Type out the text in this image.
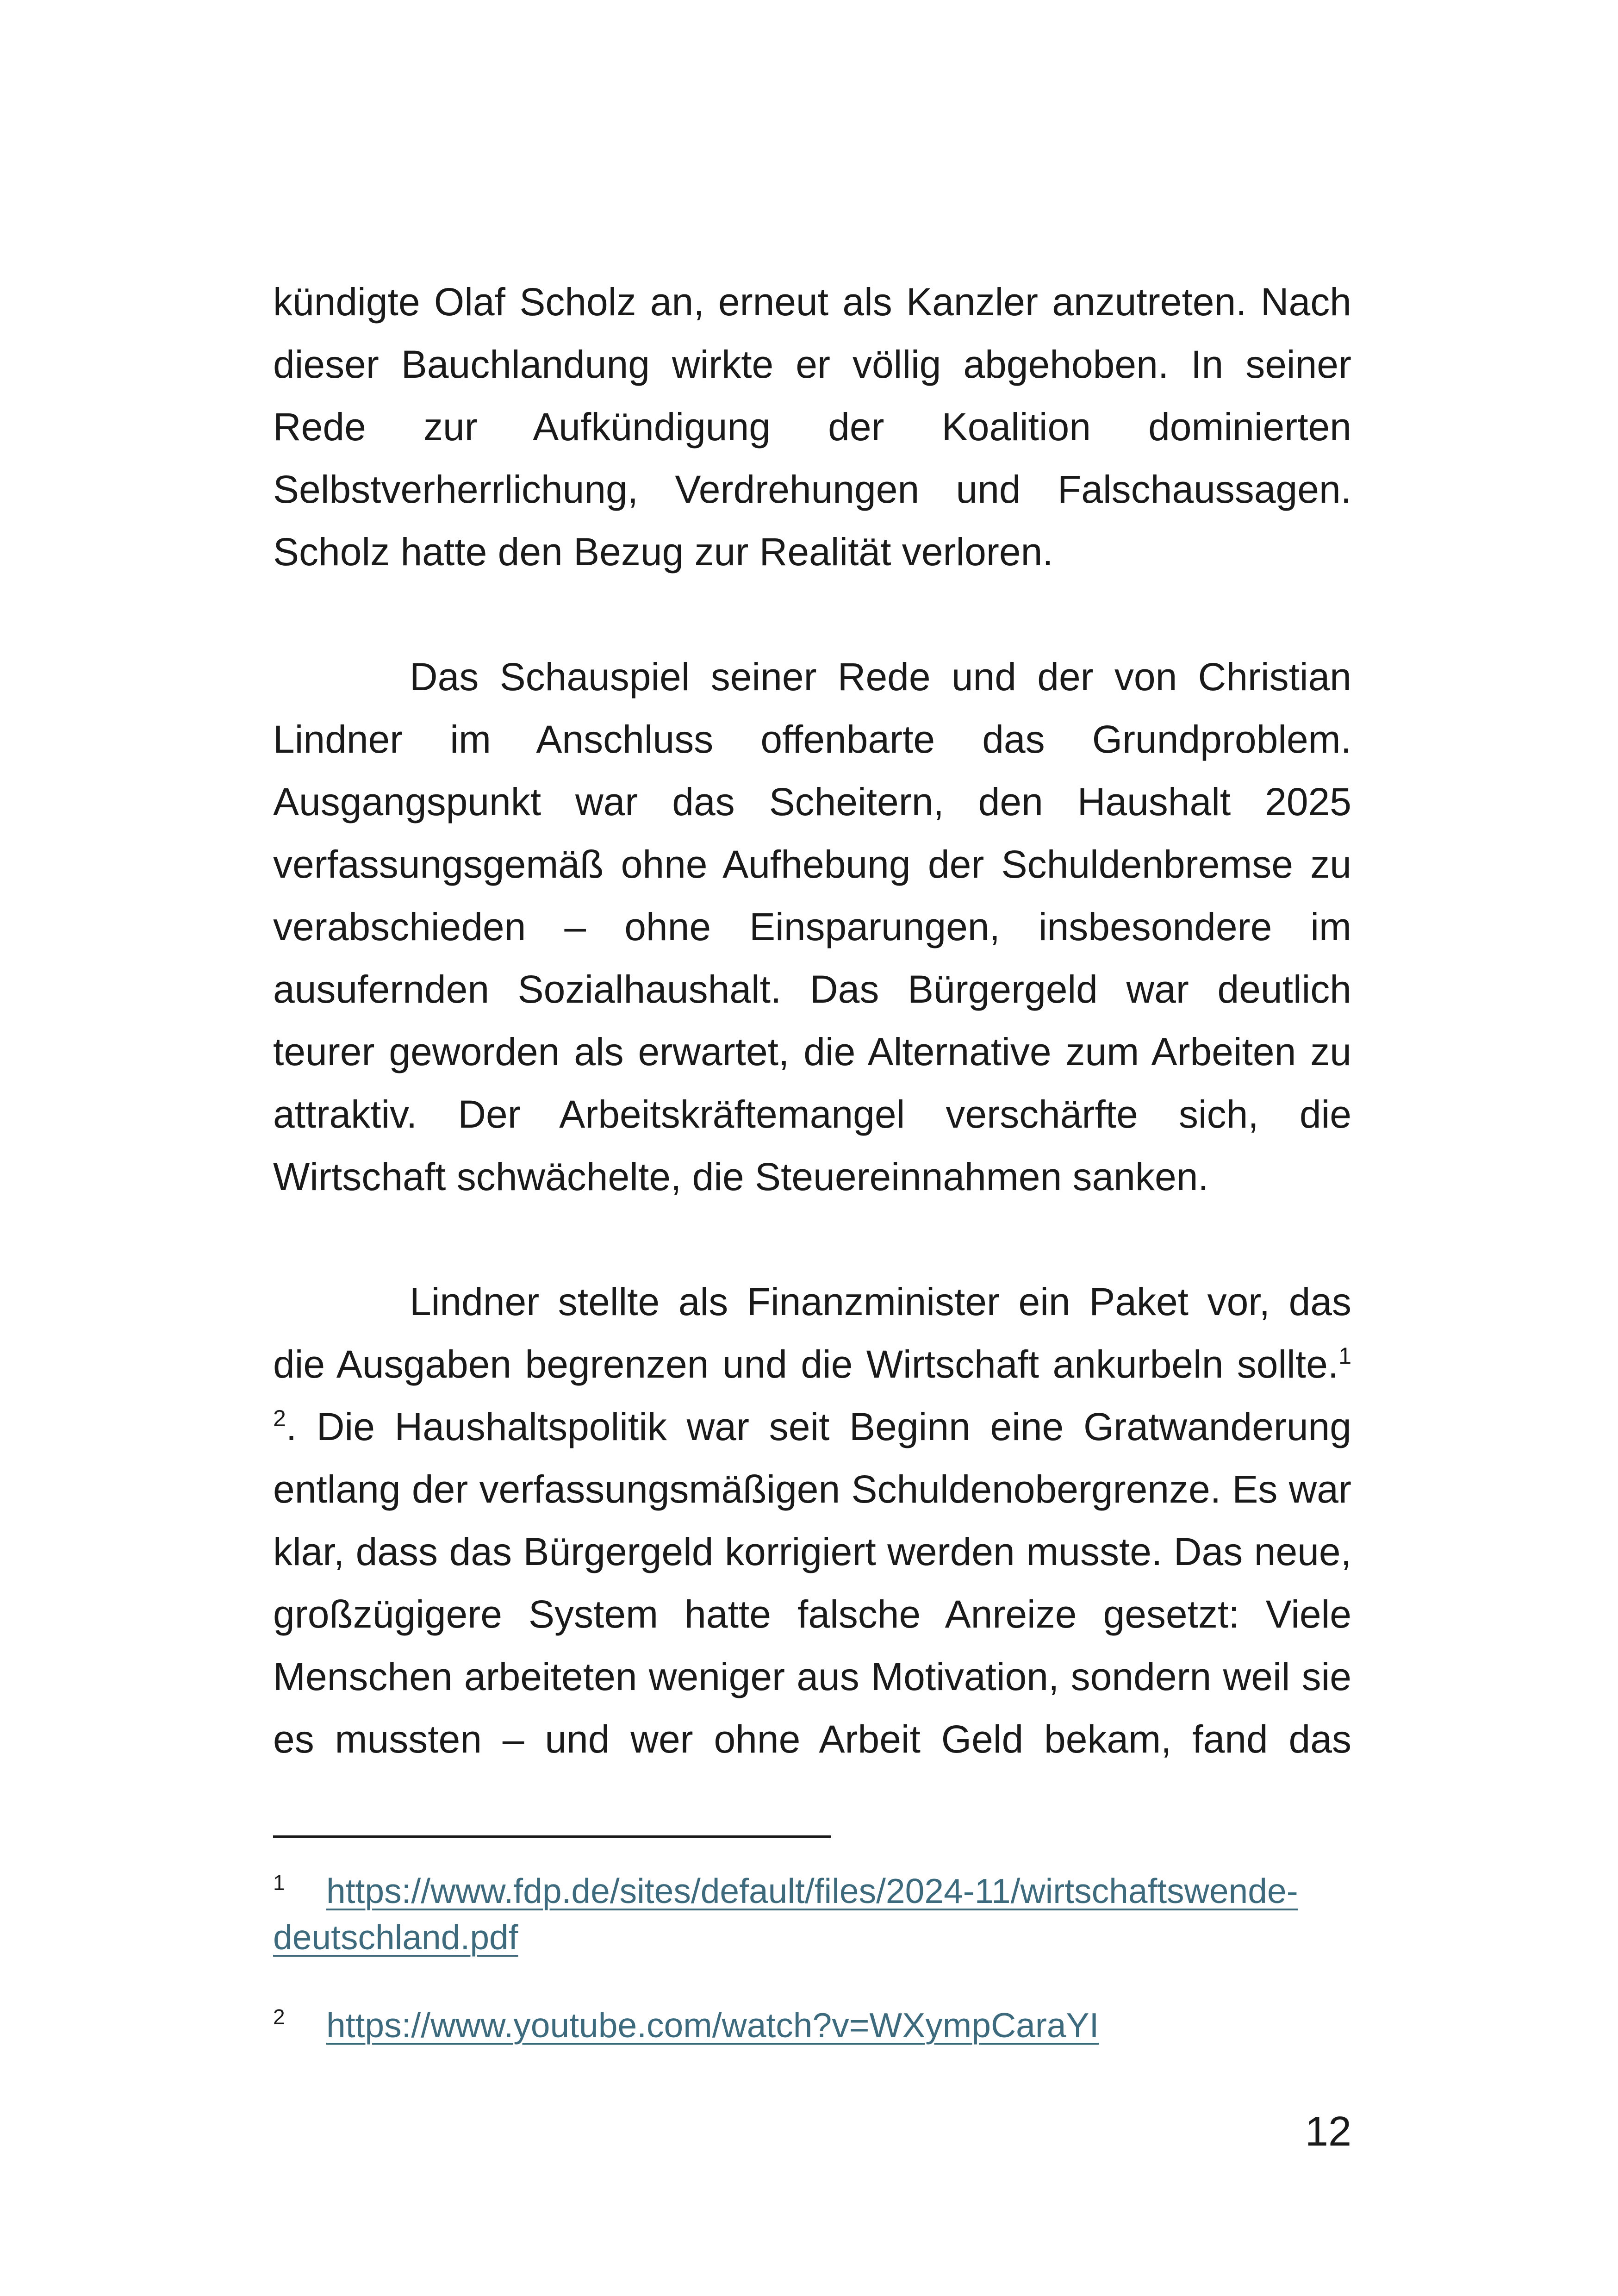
kündigte Olaf Scholz an, erneut als Kanzler anzutreten. Nach dieser Bauchlandung wirkte er völlig abgehoben. In seiner Rede zur Aufkündigung der Koalition dominierten Selbstverherrlichung, Verdrehungen und Falschaussagen. Scholz hatte den Bezug zur Realität verloren.

Das Schauspiel seiner Rede und der von Christian Lindner im Anschluss offenbarte das Grundproblem. Ausgangspunkt war das Scheitern, den Haushalt 2025 verfassungsgemäß ohne Aufhebung der Schuldenbremse zu verabschieden – ohne Einsparungen, insbesondere im ausufernden Sozialhaushalt. Das Bürgergeld war deutlich teurer geworden als erwartet, die Alternative zum Arbeiten zu attraktiv. Der Arbeitskräftemangel verschärfte sich, die Wirtschaft schwächelte, die Steuereinnahmen sanken.

Lindner stellte als Finanzminister ein Paket vor, das die Ausgaben begrenzen und die Wirtschaft ankurbeln sollte.$^1$ $^2$. Die Haushaltspolitik war seit Beginn eine Gratwanderung entlang der verfassungsmäßigen Schuldenobergrenze. Es war klar, dass das Bürgergeld korrigiert werden musste. Das neue, großzügigere System hatte falsche Anreize gesetzt: Viele Menschen arbeiteten weniger aus Motivation, sondern weil sie es mussten – und wer ohne Arbeit Geld bekam, fand das

1 https://www.fdp.de/sites/default/files/2024-11/wirtschaftswende-deutschland.pdf

2 https://www.youtube.com/watch?v=WXympCaraYI

12
